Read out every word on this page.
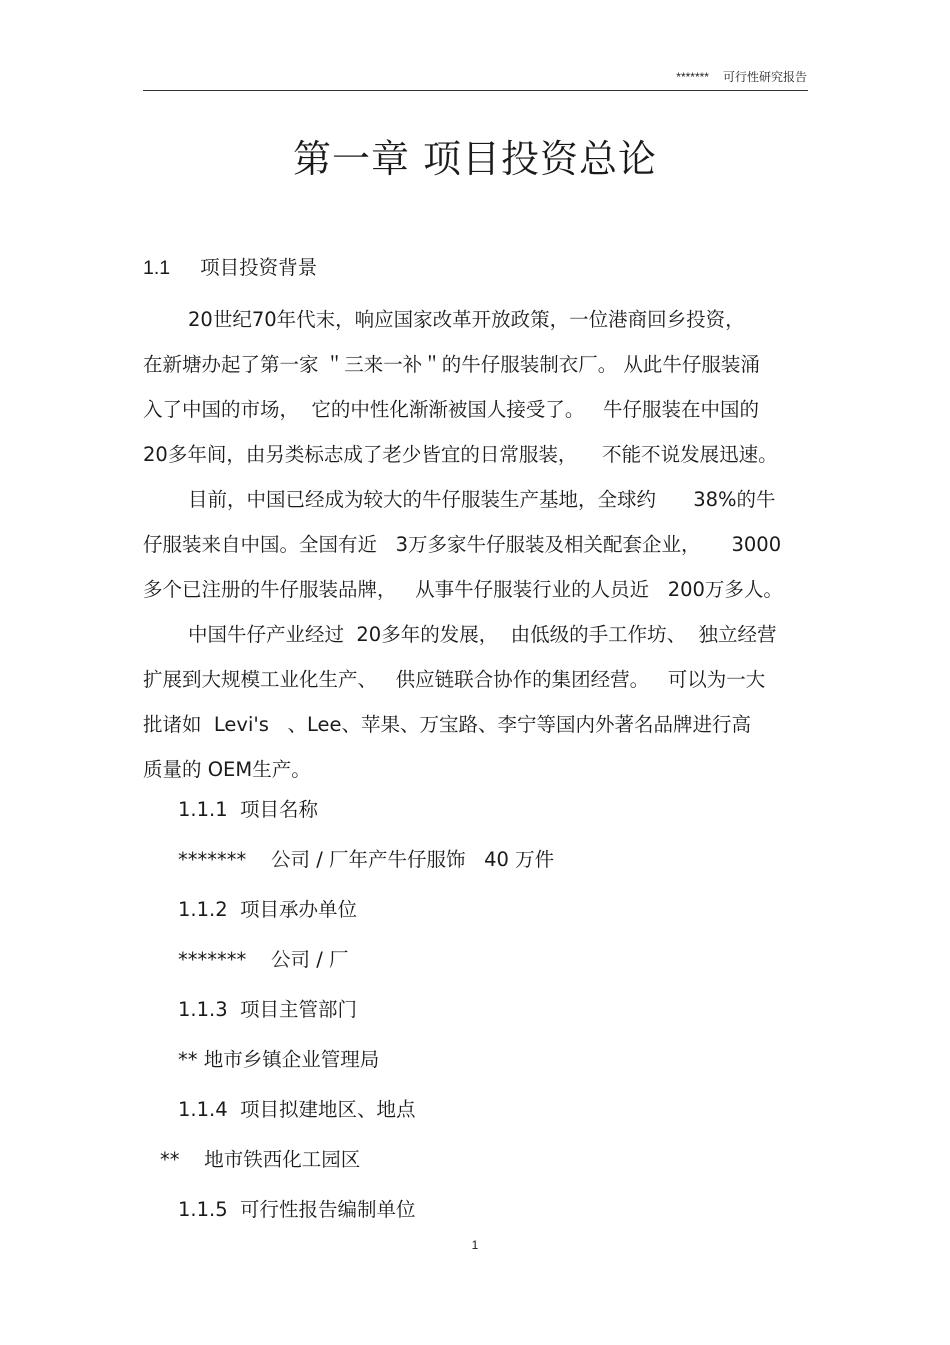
******* 可行性研究报告
第一章 项目投资总论
1.1 项目投资背景
20世纪70年代末，响应国家改革开放政策，一位港商回乡投资，
在新塘办起了第一家 ＂三来一补＂的牛仔服装制衣厂。 从此牛仔服装涌
入了中国的市场，  它的中性化渐渐被国人接受了。   牛仔服装在中国的
20多年间，由另类标志成了老少皆宜的日常服装，    不能不说发展迅速。
目前，中国已经成为较大的牛仔服装生产基地，全球约      38%的牛
仔服装来自中国。全国有近   3万多家牛仔服装及相关配套企业，     3000
多个已注册的牛仔服装品牌，   从事牛仔服装行业的人员近   200万多人。
中国牛仔产业经过  20多年的发展，  由低级的手工作坊、  独立经营
扩展到大规模工业化生产、   供应链联合协作的集团经营。   可以为一大
批诸如  Levi's   、Lee、苹果、万宝路、李宁等国内外著名品牌进行高
质量的 OEM生产。
1.1.1  项目名称
*******    公司 / 厂年产牛仔服饰   40 万件
1.1.2  项目承办单位
*******    公司 / 厂
1.1.3  项目主管部门
** 地市乡镇企业管理局
1.1.4  项目拟建地区、地点
**    地市铁西化工园区
1.1.5  可行性报告编制单位
1
